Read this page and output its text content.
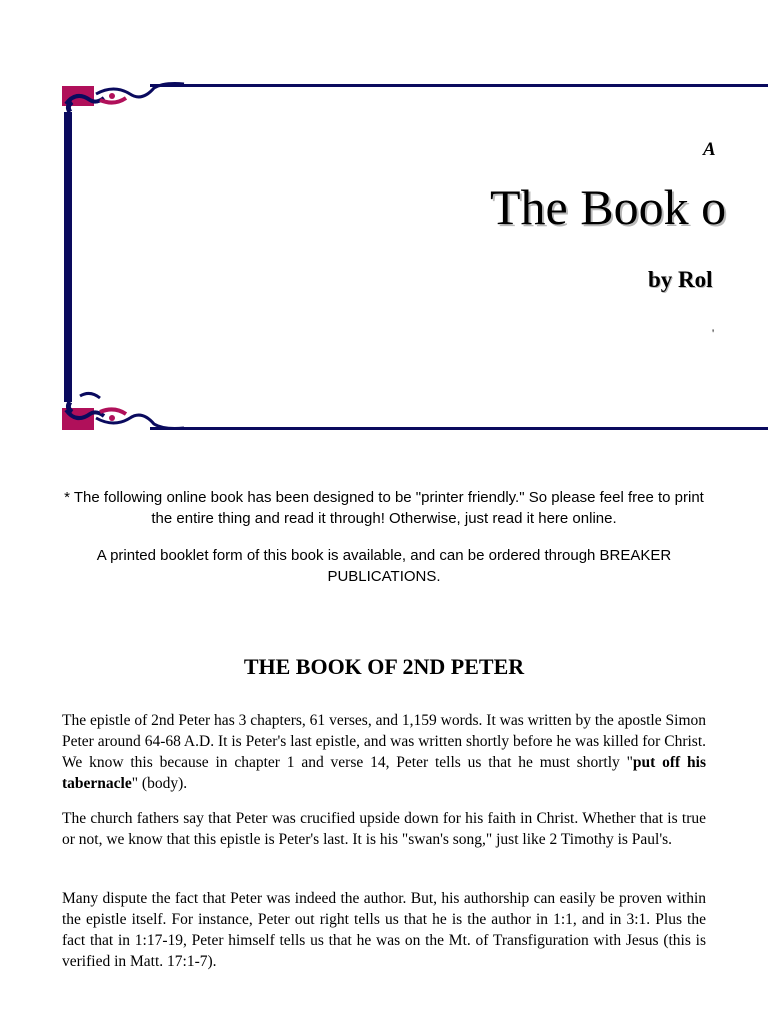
A
The Book o
by Rol
'

* The following online book has been designed to be "printer friendly." So please feel free to print the entire thing and read it through! Otherwise, just read it here online.

A printed booklet form of this book is available, and can be ordered through BREAKER PUBLICATIONS.

THE BOOK OF 2ND PETER

The epistle of 2nd Peter has 3 chapters, 61 verses, and 1,159 words. It was written by the apostle Simon Peter around 64-68 A.D. It is Peter's last epistle, and was written shortly before he was killed for Christ. We know this because in chapter 1 and verse 14, Peter tells us that he must shortly "put off his tabernacle" (body).

The church fathers say that Peter was crucified upside down for his faith in Christ. Whether that is true or not, we know that this epistle is Peter's last. It is his "swan's song," just like 2 Timothy is Paul's.

Many dispute the fact that Peter was indeed the author. But, his authorship can easily be proven within the epistle itself. For instance, Peter out right tells us that he is the author in 1:1, and in 3:1. Plus the fact that in 1:17-19, Peter himself tells us that he was on the Mt. of Transfiguration with Jesus (this is verified in Matt. 17:1-7).
